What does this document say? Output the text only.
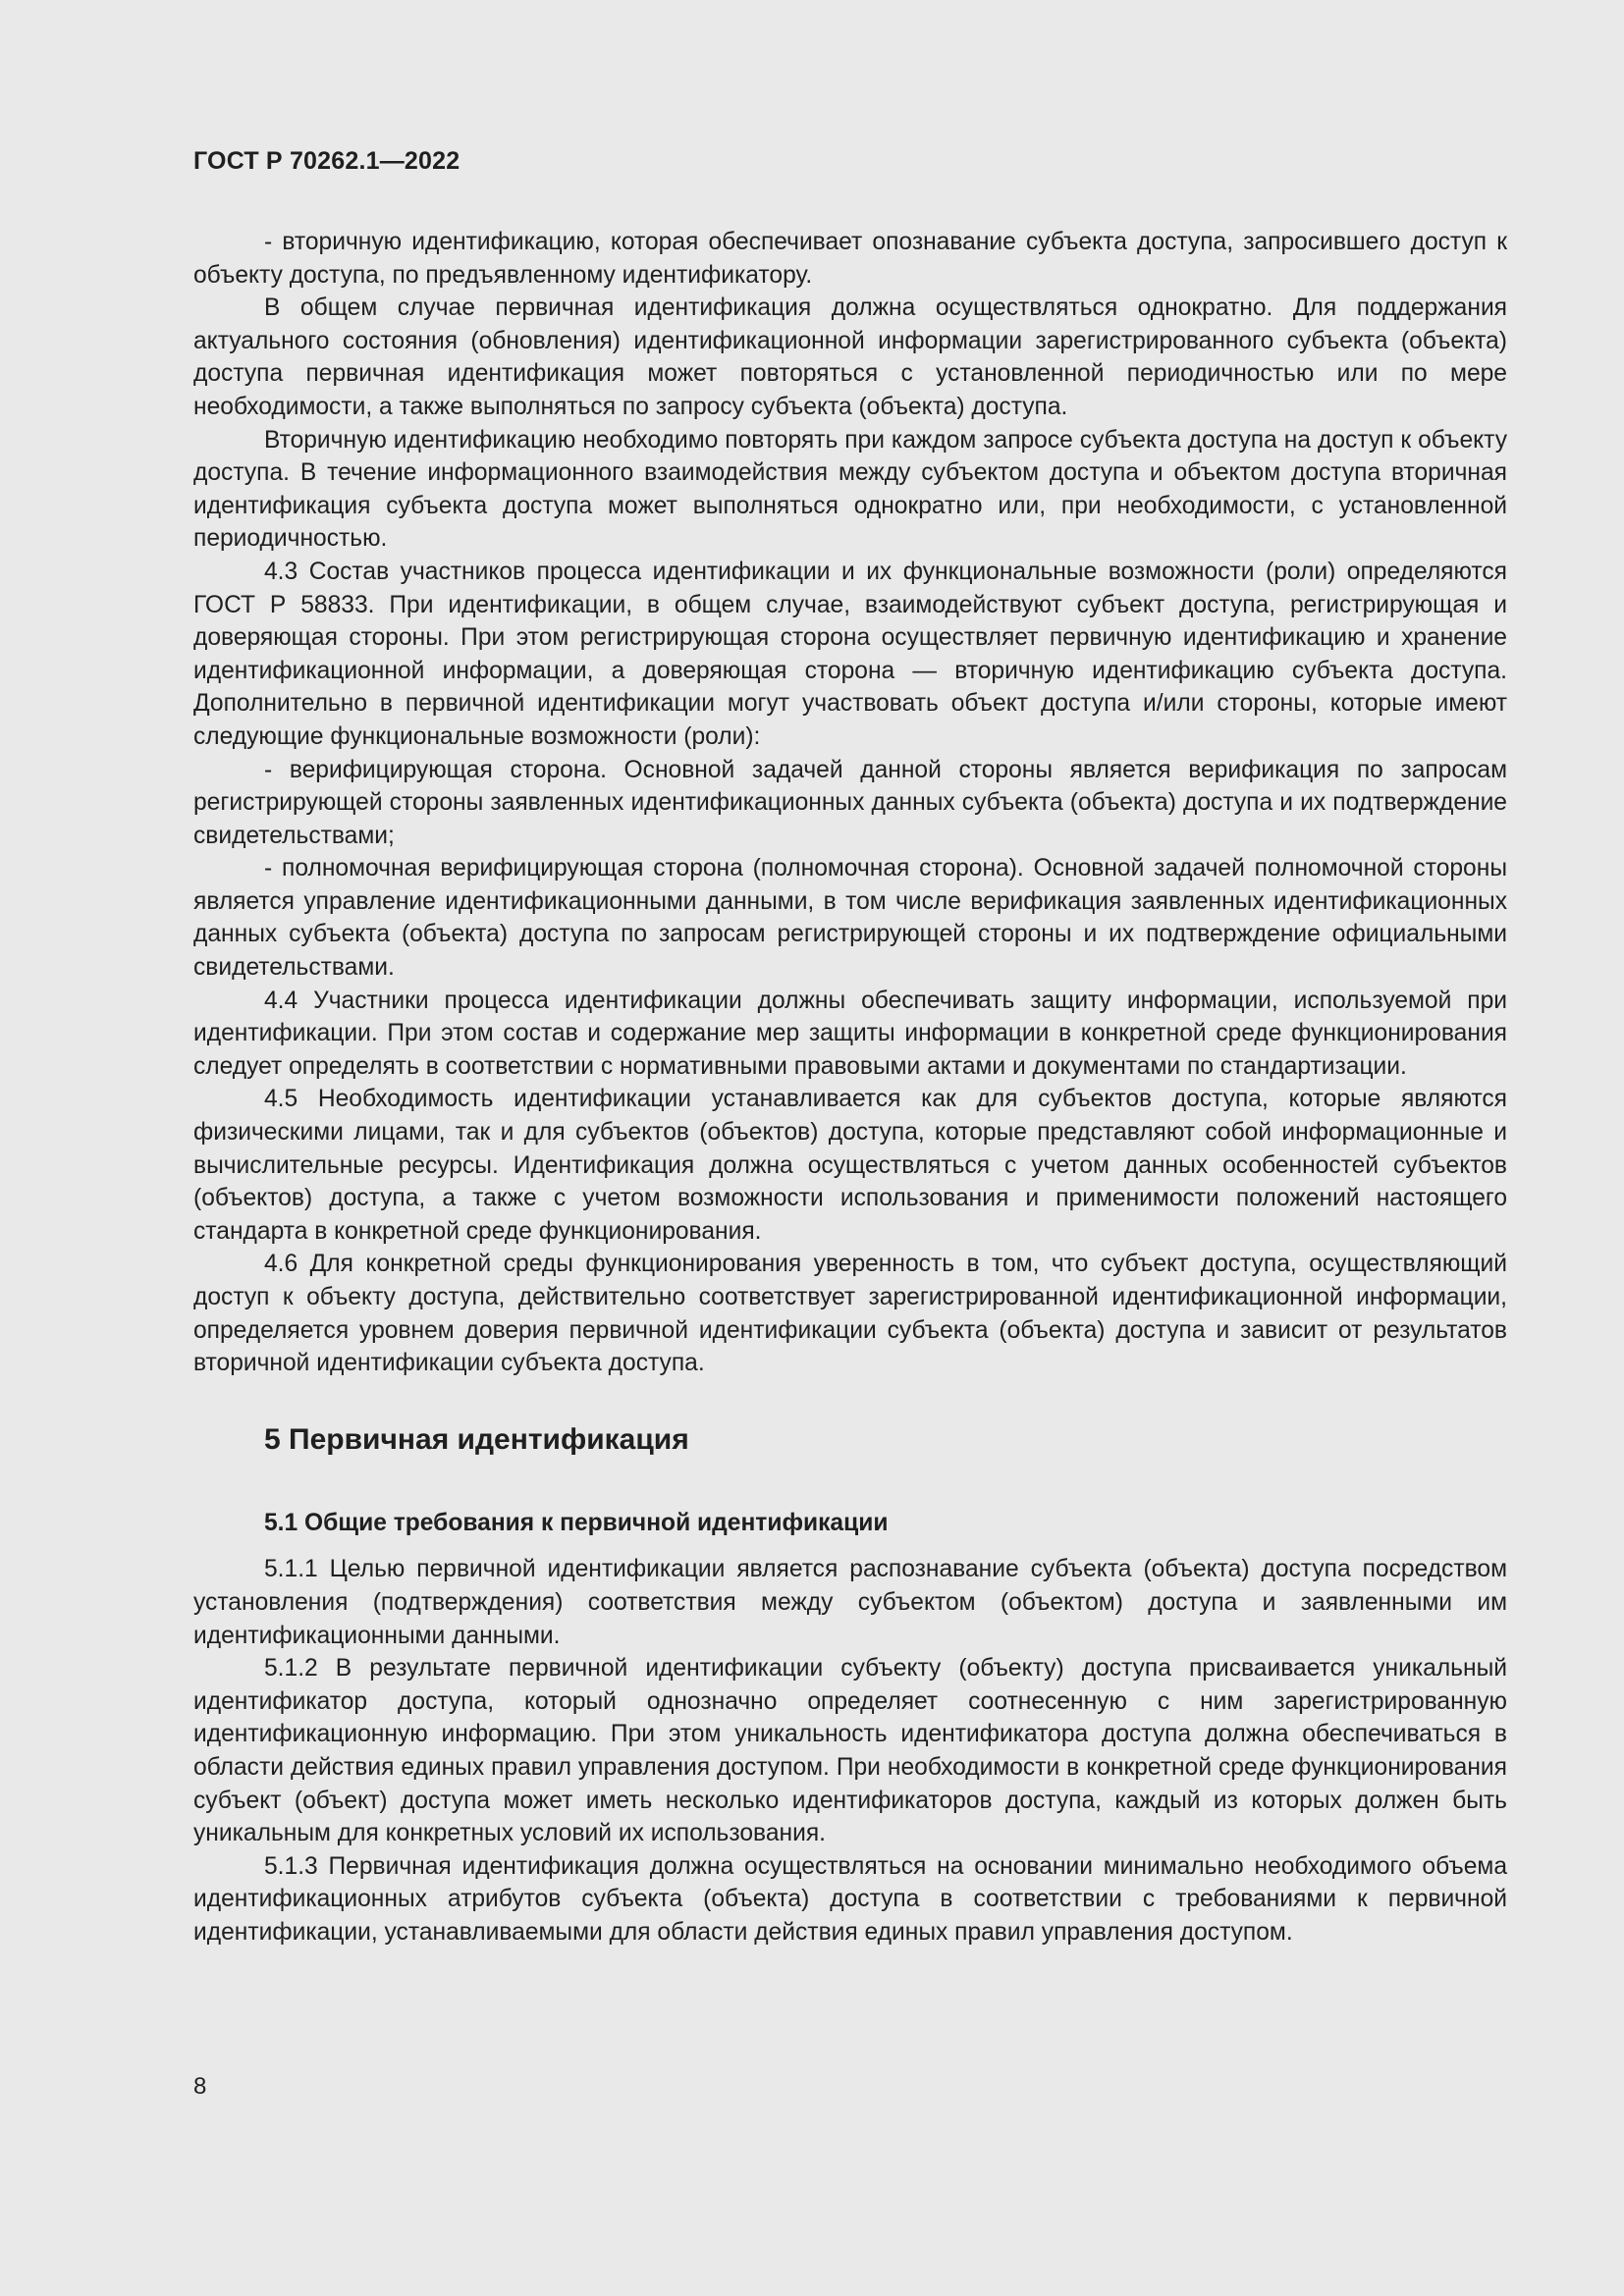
ГОСТ Р 70262.1—2022

- вторичную идентификацию, которая обеспечивает опознавание субъекта доступа, запросившего доступ к объекту доступа, по предъявленному идентификатору.

В общем случае первичная идентификация должна осуществляться однократно. Для поддержания актуального состояния (обновления) идентификационной информации зарегистрированного субъекта (объекта) доступа первичная идентификация может повторяться с установленной периодичностью или по мере необходимости, а также выполняться по запросу субъекта (объекта) доступа.

Вторичную идентификацию необходимо повторять при каждом запросе субъекта доступа на доступ к объекту доступа. В течение информационного взаимодействия между субъектом доступа и объектом доступа вторичная идентификация субъекта доступа может выполняться однократно или, при необходимости, с установленной периодичностью.

4.3 Состав участников процесса идентификации и их функциональные возможности (роли) определяются ГОСТ Р 58833. При идентификации, в общем случае, взаимодействуют субъект доступа, регистрирующая и доверяющая стороны. При этом регистрирующая сторона осуществляет первичную идентификацию и хранение идентификационной информации, а доверяющая сторона — вторичную идентификацию субъекта доступа. Дополнительно в первичной идентификации могут участвовать объект доступа и/или стороны, которые имеют следующие функциональные возможности (роли):

- верифицирующая сторона. Основной задачей данной стороны является верификация по запросам регистрирующей стороны заявленных идентификационных данных субъекта (объекта) доступа и их подтверждение свидетельствами;

- полномочная верифицирующая сторона (полномочная сторона). Основной задачей полномочной стороны является управление идентификационными данными, в том числе верификация заявленных идентификационных данных субъекта (объекта) доступа по запросам регистрирующей стороны и их подтверждение официальными свидетельствами.

4.4 Участники процесса идентификации должны обеспечивать защиту информации, используемой при идентификации. При этом состав и содержание мер защиты информации в конкретной среде функционирования следует определять в соответствии с нормативными правовыми актами и документами по стандартизации.

4.5 Необходимость идентификации устанавливается как для субъектов доступа, которые являются физическими лицами, так и для субъектов (объектов) доступа, которые представляют собой информационные и вычислительные ресурсы. Идентификация должна осуществляться с учетом данных особенностей субъектов (объектов) доступа, а также с учетом возможности использования и применимости положений настоящего стандарта в конкретной среде функционирования.

4.6 Для конкретной среды функционирования уверенность в том, что субъект доступа, осуществляющий доступ к объекту доступа, действительно соответствует зарегистрированной идентификационной информации, определяется уровнем доверия первичной идентификации субъекта (объекта) доступа и зависит от результатов вторичной идентификации субъекта доступа.

5 Первичная идентификация
5.1 Общие требования к первичной идентификации

5.1.1 Целью первичной идентификации является распознавание субъекта (объекта) доступа посредством установления (подтверждения) соответствия между субъектом (объектом) доступа и заявленными им идентификационными данными.

5.1.2 В результате первичной идентификации субъекту (объекту) доступа присваивается уникальный идентификатор доступа, который однозначно определяет соотнесенную с ним зарегистрированную идентификационную информацию. При этом уникальность идентификатора доступа должна обеспечиваться в области действия единых правил управления доступом. При необходимости в конкретной среде функционирования субъект (объект) доступа может иметь несколько идентификаторов доступа, каждый из которых должен быть уникальным для конкретных условий их использования.

5.1.3 Первичная идентификация должна осуществляться на основании минимально необходимого объема идентификационных атрибутов субъекта (объекта) доступа в соответствии с требованиями к первичной идентификации, устанавливаемыми для области действия единых правил управления доступом.

8
